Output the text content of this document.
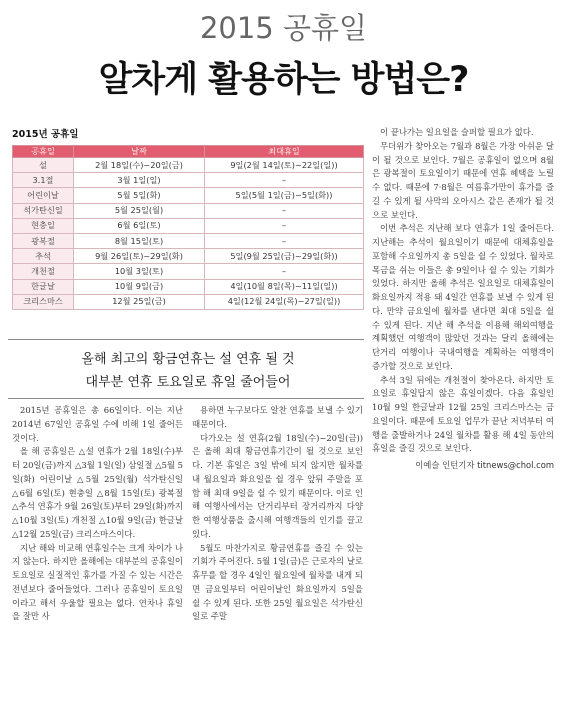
2015 공휴일
알차게 활용하는 방법은?
2015년 공휴일
공휴일	날짜	최대휴일
설	2월 18일(수)~20일(금)	9일(2월 14일(토)~22일(일))
3.1절	3월 1일(일)	–
어린이날	5월 5일(화)	5일(5월 1일(금)~5일(화))
석가탄신일	5월 25일(월)	–
현충일	6월 6일(토)	–
광복절	8월 15일(토)	–
추석	9월 26일(토)~29일(화)	5일(9월 25일(금)~29일(화))
개천절	10월 3일(토)	–
한글날	10월 9일(금)	4일(10월 8일(목)~11일(일))
크리스마스	12월 25일(금)	4일(12월 24일(목)~27일(일))
올해 최고의 황금연휴는 설 연휴 될 것
대부분 연휴 토요일로 휴일 줄어들어

2015년 공휴일은 총 66일이다. 이는 지난 2014년 67일인 공휴일 수에 비해 1일 줄어든 것이다.

올 해 공휴일은 △설 연휴가 2월 18일(수)부터 20일(금)까지 △3월 1일(일) 삼일절 △5월 5일(화) 어린이날 △5월 25일(월) 석가탄신일 △6월 6일(토) 현충일 △8월 15일(토) 광복절 △추석 연휴가 9월 26일(토)부터 29일(화)까지 △10월 3일(토) 개천절 △10월 9일(금) 한글날 △12월 25일(금) 크리스마스이다.

지난 해와 비교해 연휴일수는 크게 차이가 나지 않는다. 하지만 올해에는 대부분의 공휴일이 토요일로 실질적인 휴가를 가질 수 있는 시간은 전년보다 줄어들었다. 그러나 공휴일이 토요일이라고 해서 우울할 필요는 없다. 연차나 휴일을 잘만 사

용하면 누구보다도 알찬 연휴를 보낼 수 있기 때문이다.

다가오는 설 연휴(2월 18일(수)~20일(금))은 올해 최대 황금연휴기간이 될 것으로 보인다. 기본 휴일은 3일 밖에 되지 않지만 월차를 내 월요일과 화요일을 쉴 경우 앞뒤 주말을 포함 해 최대 9일을 쉴 수 있기 때문이다. 이로 인해 여행사에서는 단거리부터 장거리까지 다양한 여행상품을 출시해 여행객들의 인기를 끌고 있다.

5월도 마찬가지로 황금연휴를 즐길 수 있는 기회가 주어진다. 5월 1일(금)은 근로자의 날로 휴무를 할 경우 4일인 월요일에 월차를 내게 되면 금요일부터 어린이날인 화요일까지 5일을 쉴 수 있게 된다. 또한 25일 월요일은 석가탄신일로 주말

이 끝나가는 일요일을 슬퍼할 필요가 없다.

무더위가 찾아오는 7월과 8월은 가장 아쉬운 달이 될 것으로 보인다. 7월은 공휴일이 없으며 8월은 광복절이 토요일이기 때문에 연휴 혜택을 노릴 수 없다. 때문에 7·8월은 여름휴가만이 휴가를 즐길 수 있게 될 사막의 오아시스 같은 존재가 될 것으로 보인다.

이번 추석은 지난해 보다 연휴가 1일 줄어든다. 지난해는 추석이 월요일이기 때문에 대체휴일을 포함해 수요일까지 총 5일을 쉴 수 있었다. 월차로 목금을 쉬는 이들은 총 9일이나 쉴 수 있는 기회가 있었다. 하지만 올해 추석은 일요일로 대체휴일이 화요일까지 적용 돼 4일간 연휴를 보낼 수 있게 된다. 만약 금요일에 월차를 낸다면 최대 5일을 쉴 수 있게 된다. 지난 해 추석을 이용해 해외여행을 계획했던 여행객이 많았던 것과는 달리 올해에는 단거리 여행이나 국내여행을 계획하는 여행객이 증가할 것으로 보인다.

추석 3일 뒤에는 개천절이 찾아온다. 하지만 토요일로 휴일답지 않은 휴일이겠다. 다음 휴일인 10월 9일 한글날과 12월 25일 크리스마스는 금요일이다. 때문에 토요일 업무가 끝난 저녁부터 여행을 출발하거나 24일 월차를 활용 해 4일 동안의 휴일을 즐길 것으로 보인다.

이예슬 인턴기자 titnews@chol.com
